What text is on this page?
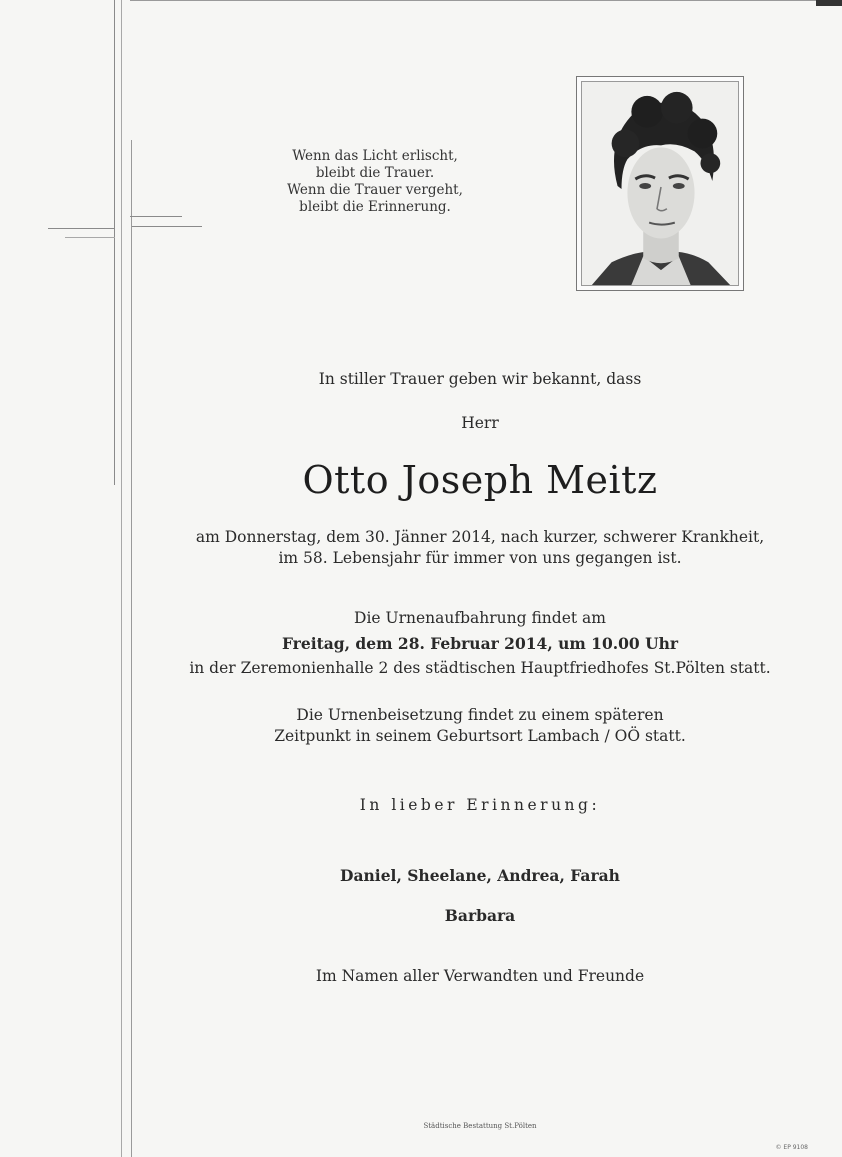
Wenn das Licht erlischt,
bleibt die Trauer.
Wenn die Trauer vergeht,
bleibt die Erinnerung.
In stiller Trauer geben wir bekannt, dass
Herr
Otto Joseph Meitz
am Donnerstag, dem 30. Jänner 2014, nach kurzer, schwerer Krankheit,
im 58. Lebensjahr für immer von uns gegangen ist.
Die Urnenaufbahrung findet am
Freitag, dem 28. Februar 2014, um 10.00 Uhr
in der Zeremonienhalle 2 des städtischen Hauptfriedhofes St.Pölten statt.
Die Urnenbeisetzung findet zu einem späteren
Zeitpunkt in seinem Geburtsort Lambach / OÖ statt.
In lieber Erinnerung:
Daniel, Sheelane, Andrea, Farah
Barbara
Im Namen aller Verwandten und Freunde
Städtische Bestattung St.Pölten
© EP 9108
